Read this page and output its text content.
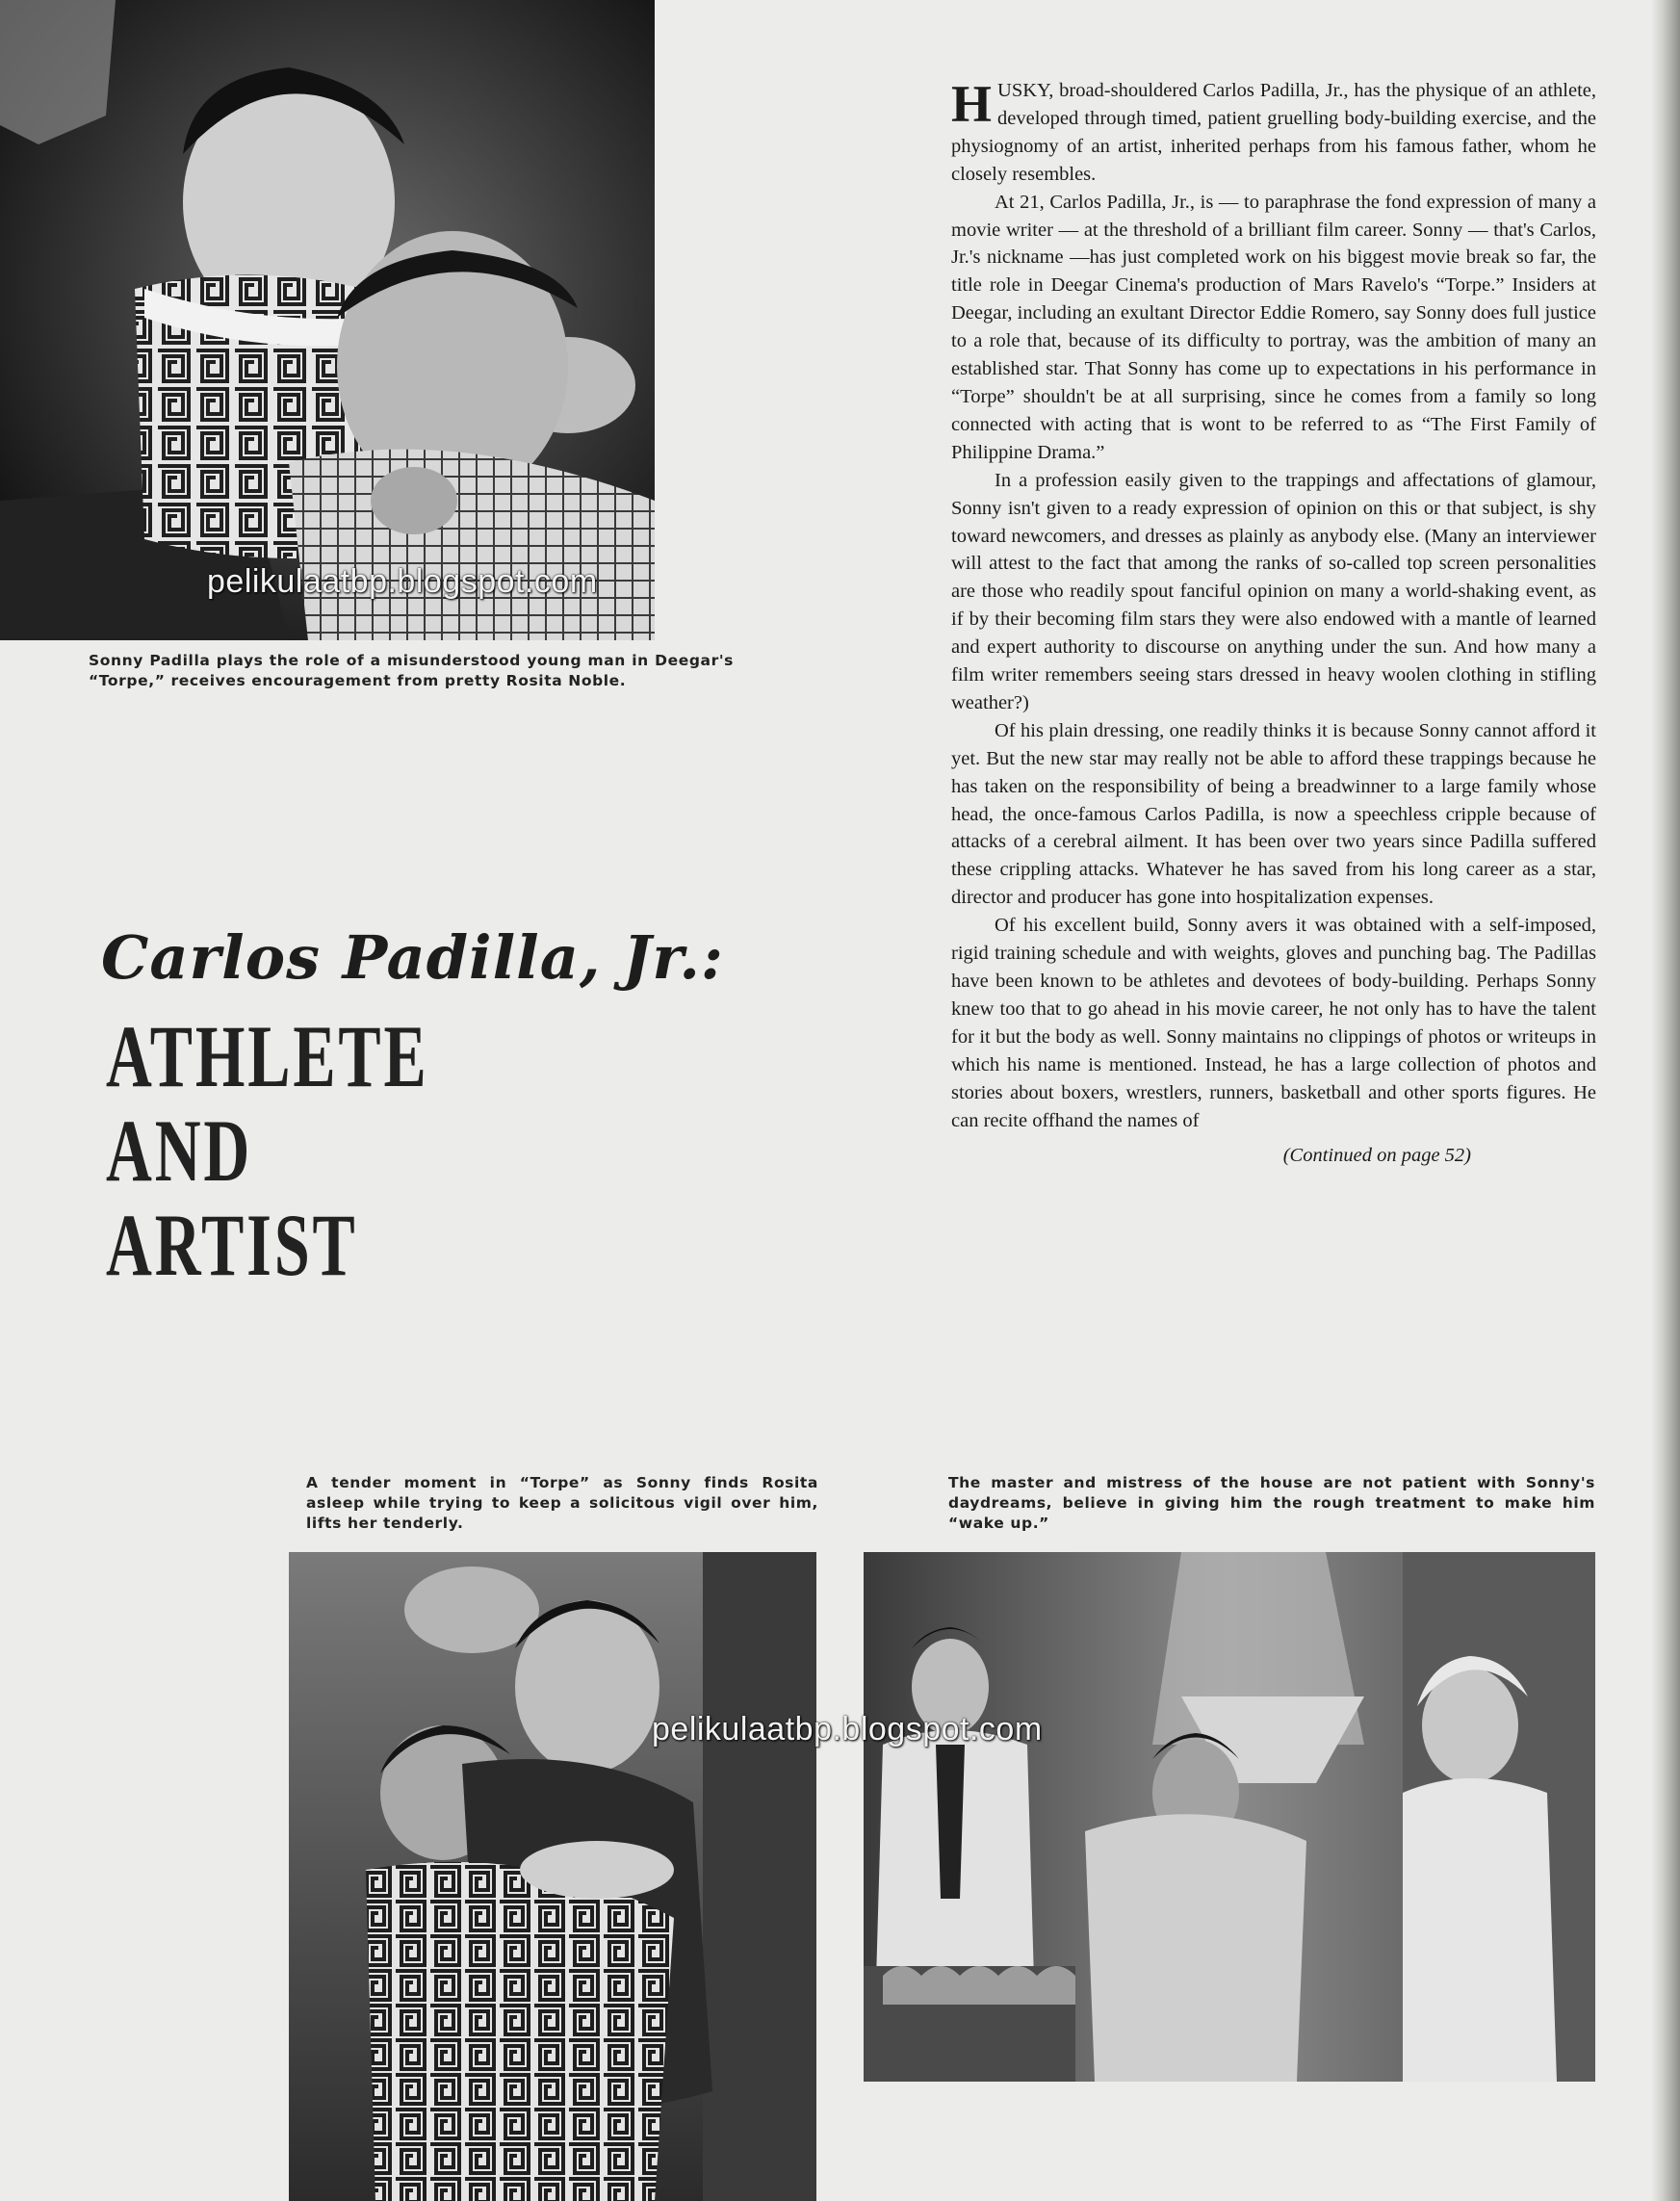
pelikulaatbp.blogspot.com
Sonny Padilla plays the role of a misunderstood young man in Deegar's “Torpe,” receives encouragement from pretty Rosita Noble.
Carlos Padilla, Jr.:
ATHLETE
AND
ARTIST

HUSKY, broad-shouldered Carlos Padilla, Jr., has the physique of an athlete, developed through timed, patient gruelling body-building exercise, and the physiognomy of an artist, inherited perhaps from his famous father, whom he closely resembles.

At 21, Carlos Padilla, Jr., is — to paraphrase the fond expression of many a movie writer — at the threshold of a brilliant film career. Sonny — that's Carlos, Jr.'s nickname —has just completed work on his biggest movie break so far, the title role in Deegar Cinema's production of Mars Ravelo's “Torpe.” Insiders at Deegar, including an exultant Director Eddie Romero, say Sonny does full justice to a role that, because of its difficulty to portray, was the ambition of many an established star. That Sonny has come up to expectations in his performance in “Torpe” shouldn't be at all surprising, since he comes from a family so long connected with acting that is wont to be referred to as “The First Family of Philippine Drama.”

In a profession easily given to the trappings and affectations of glamour, Sonny isn't given to a ready expression of opinion on this or that subject, is shy toward newcomers, and dresses as plainly as anybody else. (Many an interviewer will attest to the fact that among the ranks of so-called top screen personalities are those who readily spout fanciful opinion on many a world-shaking event, as if by their becoming film stars they were also endowed with a mantle of learned and expert authority to discourse on anything under the sun. And how many a film writer remembers seeing stars dressed in heavy woolen clothing in stifling weather?)

Of his plain dressing, one readily thinks it is because Sonny cannot afford it yet. But the new star may really not be able to afford these trappings because he has taken on the responsibility of being a breadwinner to a large family whose head, the once-famous Carlos Padilla, is now a speechless cripple because of attacks of a cerebral ailment. It has been over two years since Padilla suffered these crippling attacks. Whatever he has saved from his long career as a star, director and producer has gone into hospitalization expenses.

Of his excellent build, Sonny avers it was obtained with a self-imposed, rigid training schedule and with weights, gloves and punching bag. The Padillas have been known to be athletes and devotees of body-building. Perhaps Sonny knew too that to go ahead in his movie career, he not only has to have the talent for it but the body as well. Sonny maintains no clippings of photos or writeups in which his name is mentioned. Instead, he has a large collection of photos and stories about boxers, wrestlers, runners, basketball and other sports figures. He can recite offhand the names of

(Continued on page 52)
A tender moment in “Torpe” as Sonny finds Rosita asleep while trying to keep a solicitous vigil over him, lifts her tenderly.
The master and mistress of the house are not patient with Sonny's daydreams, believe in giving him the rough treatment to make him “wake up.”
pelikulaatbp.blogspot.com
